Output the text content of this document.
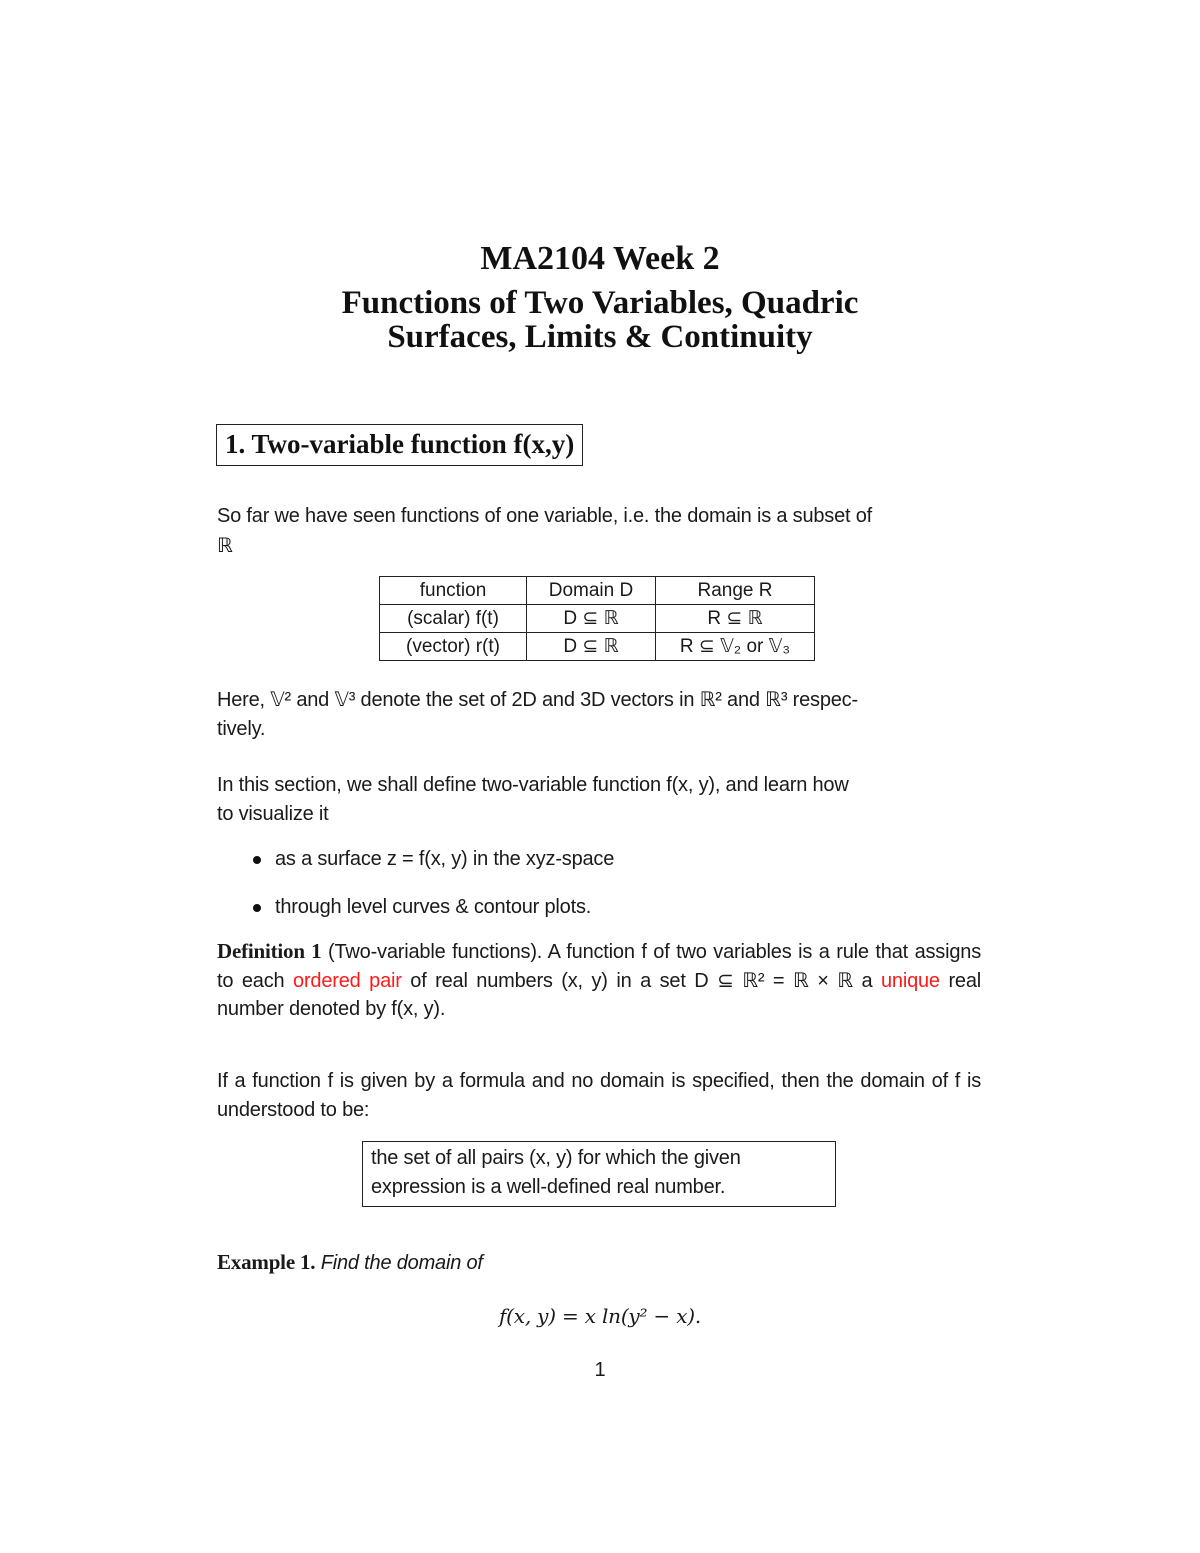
MA2104 Week 2
Functions of Two Variables, Quadric
Surfaces, Limits & Continuity
1. Two-variable function f(x,y)
So far we have seen functions of one variable, i.e. the domain is a subset of
ℝ
function	Domain D	Range R
(scalar) f(t)	D ⊆ ℝ	R ⊆ ℝ
(vector) r(t)	D ⊆ ℝ	R ⊆ 𝕍₂ or 𝕍₃
Here, 𝕍² and 𝕍³ denote the set of 2D and 3D vectors in ℝ² and ℝ³ respec-
tively.
In this section, we shall define two-variable function f(x, y), and learn how
to visualize it
as a surface z = f(x, y) in the xyz-space
through level curves & contour plots.
Definition 1 (Two-variable functions). A function f of two variables is a rule that assigns to each ordered pair of real numbers (x, y) in a set D ⊆ ℝ² = ℝ × ℝ a unique real number denoted by f(x, y).
If a function f is given by a formula and no domain is specified, then the domain of f is understood to be:
the set of all pairs (x, y) for which the given
expression is a well-defined real number.
Example 1. Find the domain of
f(x, y) = x ln(y² − x).
1
